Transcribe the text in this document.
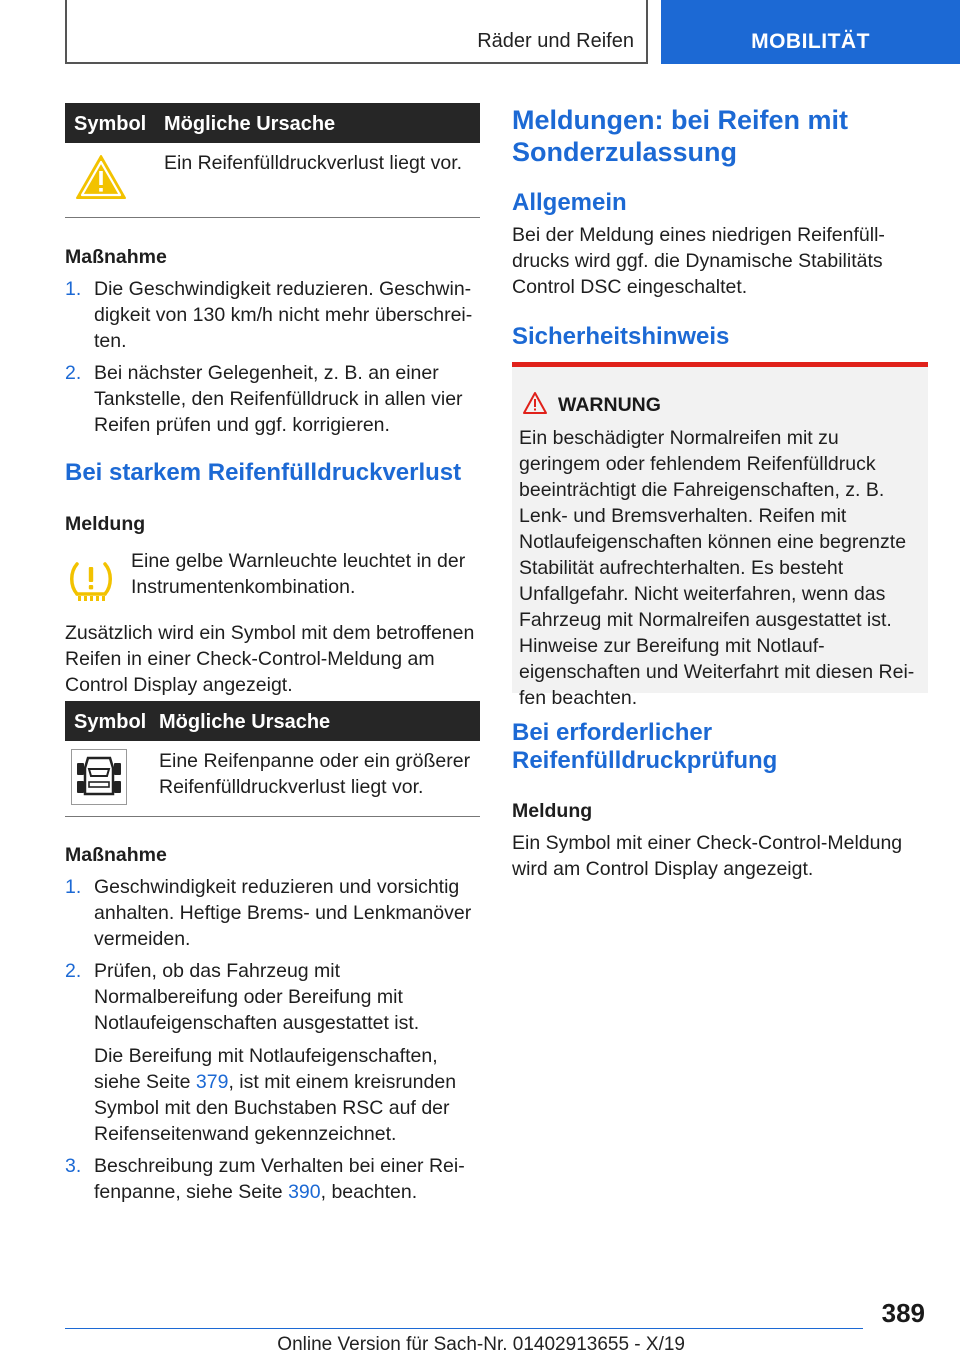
Räder und Reifen	MOBILITÄT
Symbol Mögliche Ursache
Ein Reifenfülldruckverlust liegt vor.
Maßnahme
1. Die Geschwindigkeit reduzieren. Geschwindigkeit von 130 km/h nicht mehr überschreiten.
2. Bei nächster Gelegenheit, z. B. an einer Tankstelle, den Reifenfülldruck in allen vier Reifen prüfen und ggf. korrigieren.
Bei starkem Reifenfülldruckverlust
Meldung
Eine gelbe Warnleuchte leuchtet in der Instrumentenkombination.
Zusätzlich wird ein Symbol mit dem betroffenen Reifen in einer Check-Control-Meldung am Control Display angezeigt.
Symbol Mögliche Ursache
Eine Reifenpanne oder ein größerer Reifenfülldruckverlust liegt vor.
Maßnahme
1. Geschwindigkeit reduzieren und vorsichtig anhalten. Heftige Brems- und Lenkmanöver vermeiden.
2. Prüfen, ob das Fahrzeug mit Normalbereifung oder Bereifung mit Notlaufeigenschaften ausgestattet ist.
Die Bereifung mit Notlaufeigenschaften, siehe Seite 379, ist mit einem kreisrunden Symbol mit den Buchstaben RSC auf der Reifenseitenwand gekennzeichnet.
3. Beschreibung zum Verhalten bei einer Reifenpanne, siehe Seite 390, beachten.
Meldungen: bei Reifen mit Sonderzulassung
Allgemein
Bei der Meldung eines niedrigen Reifenfülldrucks wird ggf. die Dynamische Stabilitäts Control DSC eingeschaltet.
Sicherheitshinweis
WARNUNG
Ein beschädigter Normalreifen mit zu geringem oder fehlendem Reifenfülldruck beeinträchtigt die Fahreigenschaften, z. B. Lenk- und Bremsverhalten. Reifen mit Notlaufeigenschaften können eine begrenzte Stabilität aufrechterhalten. Es besteht Unfallgefahr. Nicht weiterfahren, wenn das Fahrzeug mit Normalreifen ausgestattet ist. Hinweise zur Bereifung mit Notlaufeigenschaften und Weiterfahrt mit diesen Reifen beachten.
Bei erforderlicher Reifenfülldruckprüfung
Meldung
Ein Symbol mit einer Check-Control-Meldung wird am Control Display angezeigt.
389
Online Version für Sach-Nr. 01402913655 - X/19
